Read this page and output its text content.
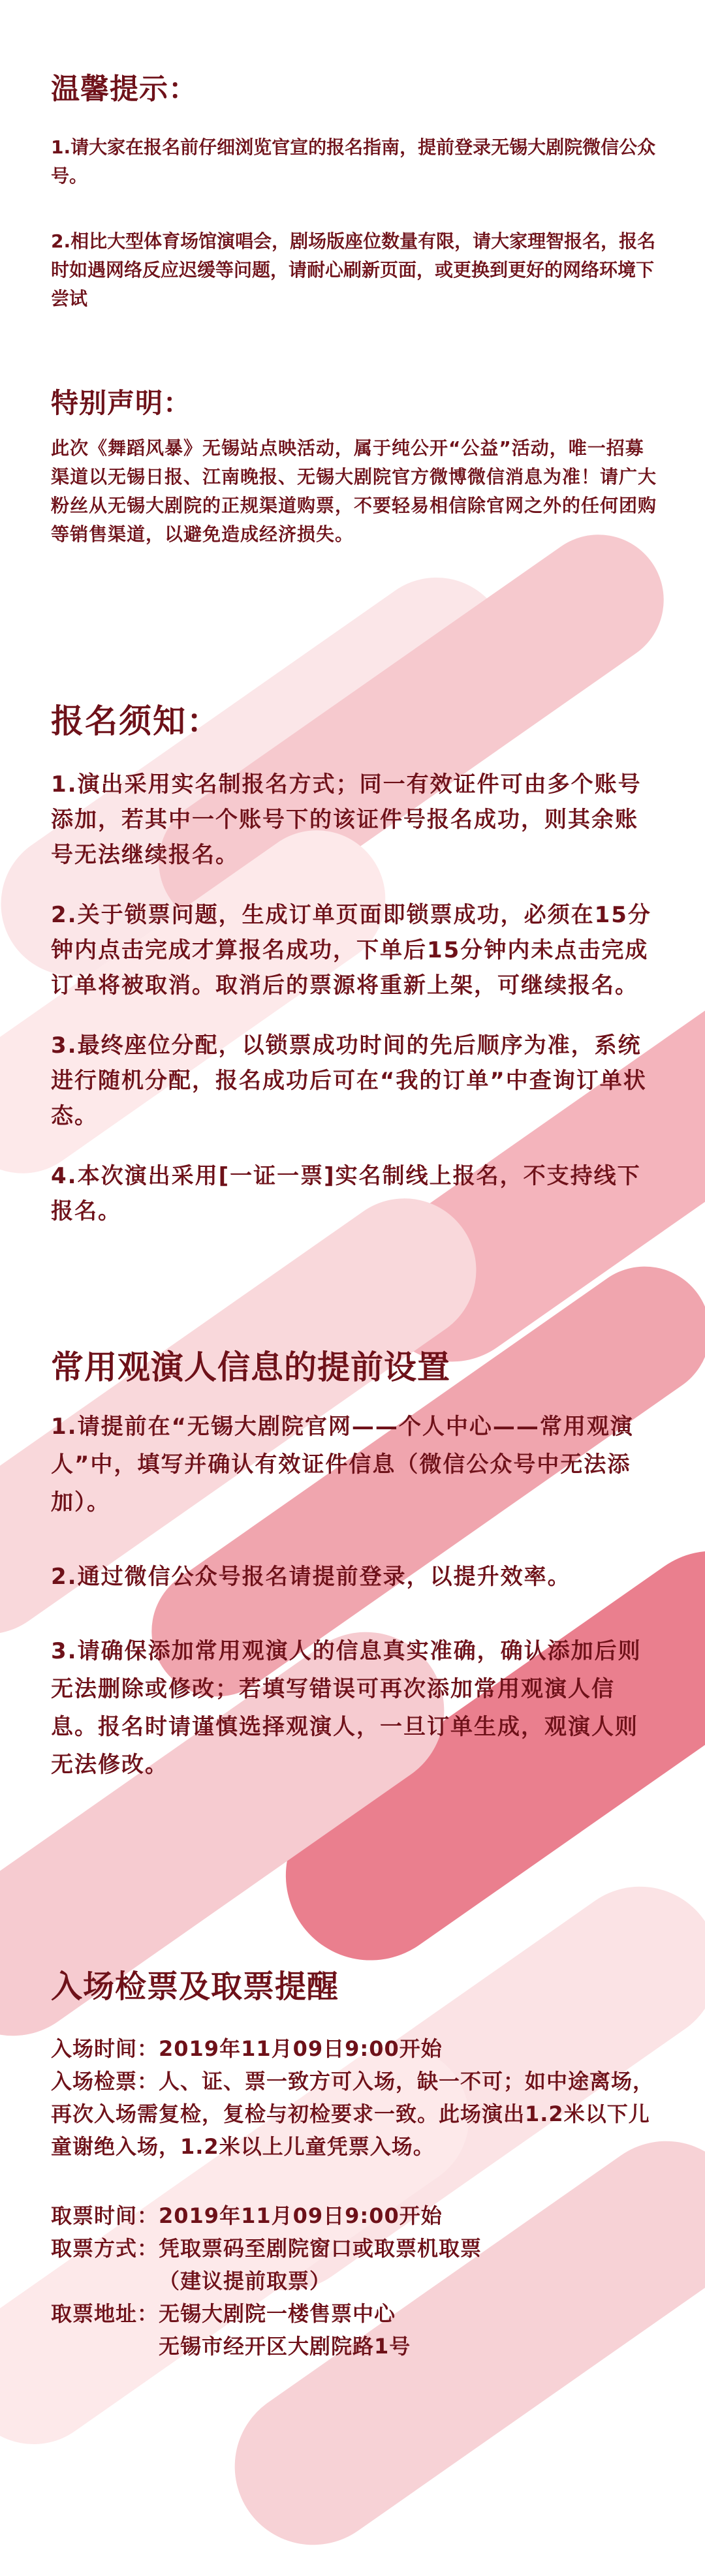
温馨提示：

1.请大家在报名前仔细浏览官宣的报名指南，提前登录无锡大剧院微信公众号。

2.相比大型体育场馆演唱会，剧场版座位数量有限，请大家理智报名，报名时如遇网络反应迟缓等问题，请耐心刷新页面，或更换到更好的网络环境下尝试

特别声明：

此次《舞蹈风暴》无锡站点映活动，属于纯公开“公益”活动，唯一招募渠道以无锡日报、江南晚报、无锡大剧院官方微博微信消息为准！请广大粉丝从无锡大剧院的正规渠道购票，不要轻易相信除官网之外的任何团购等销售渠道，以避免造成经济损失。

报名须知：

1.演出采用实名制报名方式；同一有效证件可由多个账号添加，若其中一个账号下的该证件号报名成功，则其余账号无法继续报名。

2.关于锁票问题，生成订单页面即锁票成功，必须在15分钟内点击完成才算报名成功，下单后15分钟内未点击完成订单将被取消。取消后的票源将重新上架，可继续报名。

3.最终座位分配，以锁票成功时间的先后顺序为准，系统进行随机分配，报名成功后可在“我的订单”中查询订单状态。

4.本次演出采用[一证一票]实名制线上报名，不支持线下报名。

常用观演人信息的提前设置

1.请提前在“无锡大剧院官网——个人中心——常用观演人”中，填写并确认有效证件信息（微信公众号中无法添加）。

2.通过微信公众号报名请提前登录，以提升效率。

3.请确保添加常用观演人的信息真实准确，确认添加后则无法删除或修改；若填写错误可再次添加常用观演人信息。报名时请谨慎选择观演人，一旦订单生成，观演人则无法修改。

入场检票及取票提醒
入场时间：2019年11月09日9:00开始
入场检票：人、证、票一致方可入场，缺一不可；如中途离场，再次入场需复检，复检与初检要求一致。此场演出1.2米以下儿童谢绝入场，1.2米以上儿童凭票入场。
取票时间：2019年11月09日9:00开始
取票方式：凭取票码至剧院窗口或取票机取票
（建议提前取票）
取票地址：无锡大剧院一楼售票中心
无锡市经开区大剧院路1号
